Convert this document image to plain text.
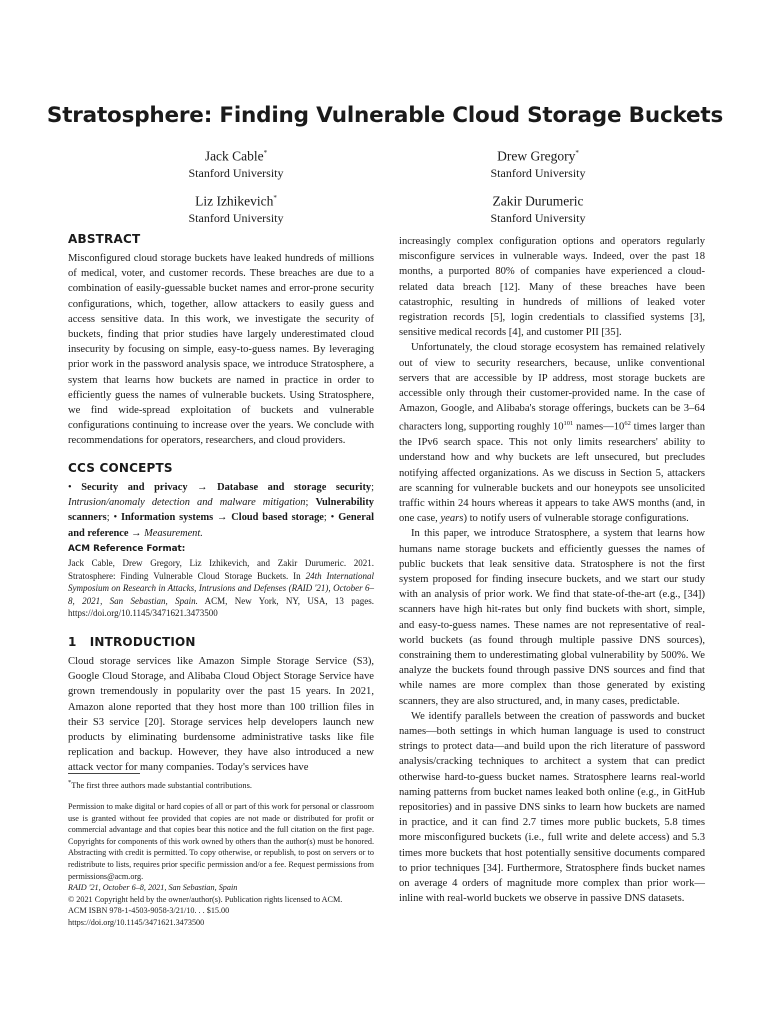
Stratosphere: Finding Vulnerable Cloud Storage Buckets
Jack Cable*
Stanford University
Drew Gregory*
Stanford University
Liz Izhikevich*
Stanford University
Zakir Durumeric
Stanford University
ABSTRACT

Misconfigured cloud storage buckets have leaked hundreds of millions of medical, voter, and customer records. These breaches are due to a combination of easily-guessable bucket names and error-prone security configurations, which, together, allow attackers to easily guess and access sensitive data. In this work, we investigate the security of buckets, finding that prior studies have largely underestimated cloud insecurity by focusing on simple, easy-to-guess names. By leveraging prior work in the password analysis space, we introduce Stratosphere, a system that learns how buckets are named in practice in order to efficiently guess the names of vulnerable buckets. Using Stratosphere, we find wide-spread exploitation of buckets and vulnerable configurations continuing to increase over the years. We conclude with recommendations for operators, researchers, and cloud providers.

CCS CONCEPTS
• Security and privacy → Database and storage security; Intrusion/anomaly detection and malware mitigation; Vulnerability scanners; • Information systems → Cloud based storage; • General and reference → Measurement.
ACM Reference Format:
Jack Cable, Drew Gregory, Liz Izhikevich, and Zakir Durumeric. 2021. Stratosphere: Finding Vulnerable Cloud Storage Buckets. In 24th International Symposium on Research in Attacks, Intrusions and Defenses (RAID '21), October 6–8, 2021, San Sebastian, Spain. ACM, New York, NY, USA, 13 pages. https://doi.org/10.1145/3471621.3473500
1 INTRODUCTION

Cloud storage services like Amazon Simple Storage Service (S3), Google Cloud Storage, and Alibaba Cloud Object Storage Service have grown tremendously in popularity over the past 15 years. In 2021, Amazon alone reported that they host more than 100 trillion files in their S3 service [20]. Storage services help developers launch new products by eliminating burdensome administrative tasks like file replication and backup. However, they have also introduced a new attack vector for many companies. Today's services have

*The first three authors made substantial contributions.
Permission to make digital or hard copies of all or part of this work for personal or classroom use is granted without fee provided that copies are not made or distributed for profit or commercial advantage and that copies bear this notice and the full citation on the first page. Copyrights for components of this work owned by others than the author(s) must be honored. Abstracting with credit is permitted. To copy otherwise, or republish, to post on servers or to redistribute to lists, requires prior specific permission and/or a fee. Request permissions from permissions@acm.org.
RAID '21, October 6–8, 2021, San Sebastian, Spain
© 2021 Copyright held by the owner/author(s). Publication rights licensed to ACM.
ACM ISBN 978-1-4503-9058-3/21/10. . . $15.00
https://doi.org/10.1145/3471621.3473500

increasingly complex configuration options and operators regularly misconfigure services in vulnerable ways. Indeed, over the past 18 months, a purported 80% of companies have experienced a cloud-related data breach [12]. Many of these breaches have been catastrophic, resulting in hundreds of millions of leaked voter registration records [5], login credentials to classified systems [3], sensitive medical records [4], and customer PII [35].

Unfortunately, the cloud storage ecosystem has remained relatively out of view to security researchers, because, unlike conventional servers that are accessible by IP address, most storage buckets are accessible only through their customer-provided name. In the case of Amazon, Google, and Alibaba's storage offerings, buckets can be 3–64 characters long, supporting roughly $10^{101}$ $names—10^{62}$ times larger than the IPv6 search space. This not only limits researchers' ability to understand how and why buckets are left unsecured, but precludes notifying affected organizations. As we discuss in Section 5, attackers are scanning for vulnerable buckets and our honeypots see unsolicited traffic within 24 hours whereas it appears to take AWS months (and, in one case, years) to notify users of vulnerable storage configurations.

In this paper, we introduce Stratosphere, a system that learns how humans name storage buckets and efficiently guesses the names of public buckets that leak sensitive data. Stratosphere is not the first system proposed for finding insecure buckets, and we start our study with an analysis of prior work. We find that state-of-the-art (e.g., [34]) scanners have high hit-rates but only find buckets with short, simple, and easy-to-guess names. These names are not representative of real-world buckets (as found through multiple passive DNS sources), constraining them to underestimating global vulnerability by 500%. We analyze the buckets found through passive DNS sources and find that while names are more complex than those generated by existing scanners, they are also structured, and, in many cases, predictable.

We identify parallels between the creation of passwords and bucket names—both settings in which human language is used to construct strings to protect data—and build upon the rich literature of password analysis/cracking techniques to architect a system that can predict otherwise hard-to-guess bucket names. Stratosphere learns real-world naming patterns from bucket names leaked both online (e.g., in GitHub repositories) and in passive DNS sinks to learn how buckets are named in practice, and it can find 2.7 times more public buckets, 5.8 times more misconfigured buckets (i.e., full write and delete access) and 5.3 times more buckets that host potentially sensitive documents compared to prior techniques [34]. Furthermore, Stratosphere finds bucket names on average 4 orders of magnitude more complex than prior work—inline with real-world buckets we observe in passive DNS datasets.
